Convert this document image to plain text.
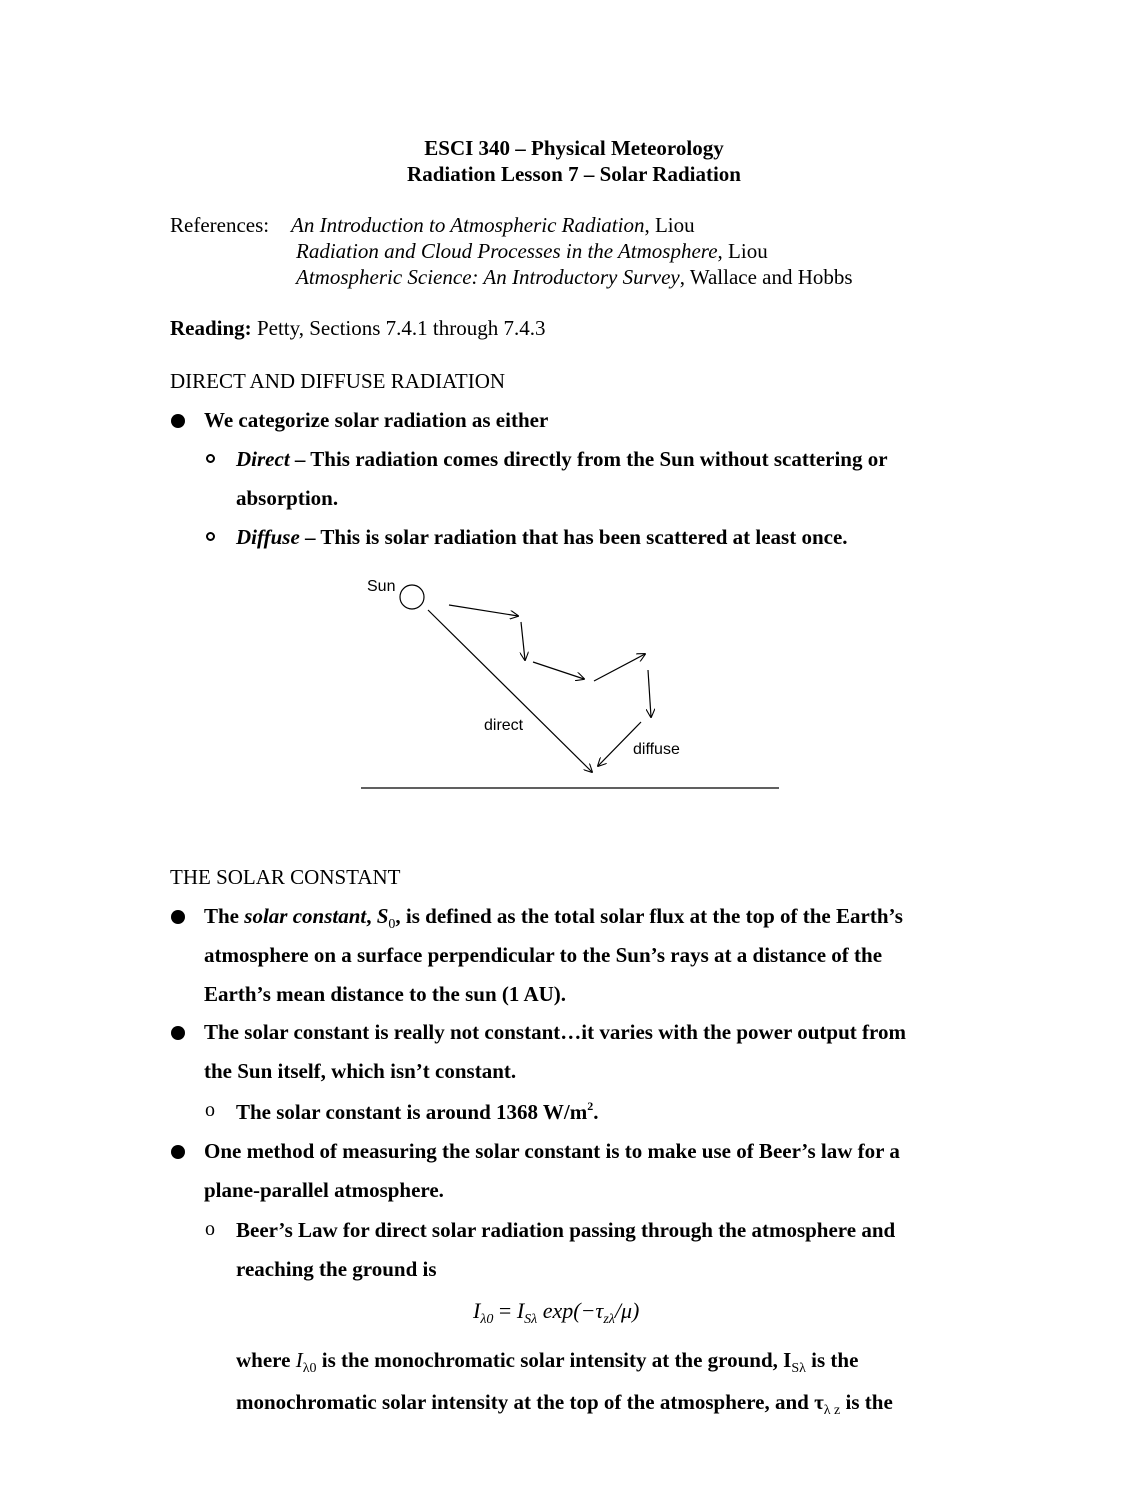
ESCI 340 – Physical Meteorology
Radiation Lesson 7 – Solar Radiation
References: An Introduction to Atmospheric Radiation, Liou
Radiation and Cloud Processes in the Atmosphere, Liou
Atmospheric Science: An Introductory Survey, Wallace and Hobbs
Reading: Petty, Sections 7.4.1 through 7.4.3
DIRECT AND DIFFUSE RADIATION
We categorize solar radiation as either
Direct – This radiation comes directly from the Sun without scattering or
absorption.
Diffuse – This is solar radiation that has been scattered at least once.
Sun
direct
diffuse
THE SOLAR CONSTANT
The solar constant, $S_0$, is defined as the total solar flux at the top of the Earth’s
atmosphere on a surface perpendicular to the Sun’s rays at a distance of the
Earth’s mean distance to the sun (1 AU).
The solar constant is really not constant…it varies with the power output from
the Sun itself, which isn’t constant.
o The solar constant is around 1368 $W/m^2$.
One method of measuring the solar constant is to make use of Beer’s law for a
plane-parallel atmosphere.
o Beer’s Law for direct solar radiation passing through the atmosphere and
reaching the ground is
$I_{\lambda 0} = I_{S\lambda}$ $\exp(-\tau_{z\lambda}/\mu)$
where $I_{\lambda 0}$ is the monochromatic solar intensity at the ground, $I_{S\lambda}$ is the
monochromatic solar intensity at the top of the atmosphere, and $\tau_{\lambda z}$ is the
